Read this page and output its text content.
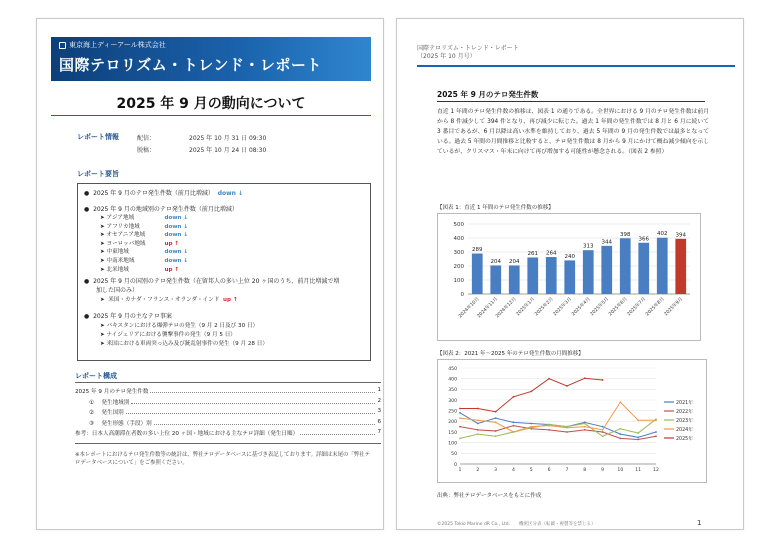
東京海上ディーアール株式会社
国際テロリズム・トレンド・レポート
2025 年 9 月の動向について
レポート情報	配信：	2025 年 10 月 31 日 09:30
脱稿：	2025 年 10 月 24 日 08:30
レポート要旨
●  2025 年 9 月のテロ発生件数（前月比増減） down ↓
●  2025 年 9 月の地域別のテロ発生件数（前月比増減）
➤ アジア地域	down ↓
➤ アフリカ地域	down ↓
➤ オセアニア地域	down ↓
➤ ヨーロッパ地域	up ↑
➤ 中東地域	down ↓
➤ 中南米地域	down ↓
➤ 北米地域	up ↑
●  2025 年 9 月の国別のテロ発生件数（在留邦人の多い上位 20 ヶ国のうち、前月比増減で増
加した国のみ）
➤  米国・カナダ・フランス・オランダ・インド up ↑
●  2025 年 9 月の主なテロ事案
➤ パキスタンにおける爆弾テロの発生（9 月 2 日及び 30 日）
➤ ナイジェリアにおける襲撃事件の発生（9 月 5 日）
➤ 米国における車両突っ込み及び銃乱射事件の発生（9 月 28 日）
レポート構成
2025 年 9 月のテロ発生件数	1
①　 発生地域別	2
②　 発生国別	3
③　 発生形態（手段）別	6
参考：日本人高潮滞在者数の多い上位 20 ヶ国・地域における主なテロ詳細（発生日順）	7
※本レポートにおけるテロ発生件数等の統計は、弊社テロデータベースに基づき表記しております。詳細は末尾の「弊社テロデータベースについて」をご参照ください。
国際テロリズム・トレンド・レポート
（2025 年 10 月号）
2025 年 9 月のテロ発生件数
直近 1 年間のテロ発生件数の推移は、図表 1 の通りである。全世界における 9 月のテロ発生件数は前月から 8 件減少して 394 件となり、再び減少に転じた。過去 1 年間の発生件数では 8 月と 6 月に続いて 3 番目であるが、6 月以降は高い水準を維持しており、過去 5 年間の 9 月の発生件数では最多となっている。過去 5 年間の月間推移と比較すると、テロ発生件数は 8 月から 9 月にかけて概ね減少傾向を示しているが、クリスマス・年末に向けて再び増加する可能性が懸念される。（図表 2 参照）
【図表 1：直近 1 年間のテロ発生件数の推移】
0
100
200
300
400
500
289
2024年10月
204
2024年11月
204
2024年12月
261
2025年1月
264
2025年2月
240
2025年3月
313
2025年4月
344
2025年5月
398
2025年6月
366
2025年7月
402
2025年8月
394
2025年9月
【図表 2：2021 年～2025 年のテロ発生件数の月間推移】
0
50
100
150
200
250
300
350
400
450
1	2	3	4	5	6	7	8	9	10	11	12
2021年
2022年
2023年
2024年
2025年
出典：弊社テロデータベースをもとに作成
©2025 Tokio Marine dR Co., Ltd.　　機密区分表（転載・複製等を禁じる）	1
